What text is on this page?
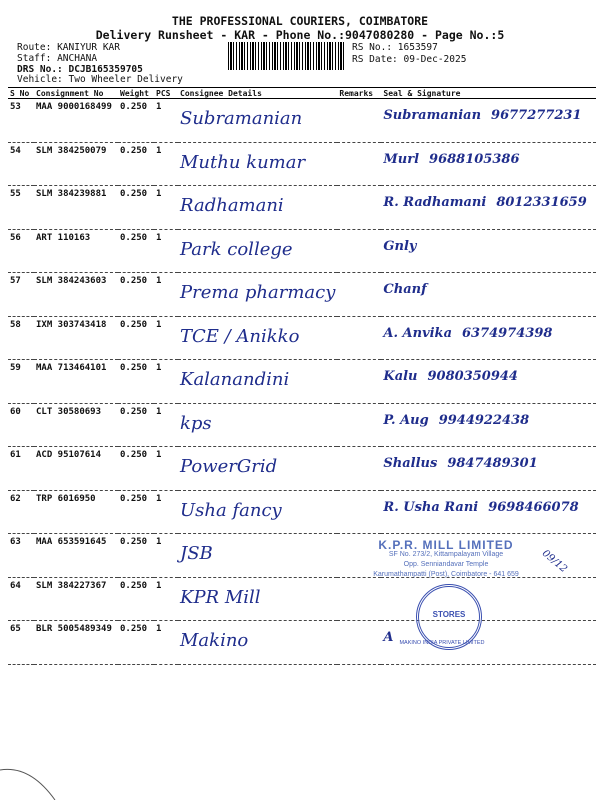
THE PROFESSIONAL COURIERS, COIMBATORE
Delivery Runsheet - KAR - Phone No.:9047080280 - Page No.:5
Route: KANIYUR KAR
Staff: ANCHANA
DRS No.: DCJB165359705
Vehicle: Two Wheeler Delivery
RS No.: 1653597
RS Date: 09-Dec-2025
S No	Consignment No	Weight	PCS	Consignee Details	Remarks	Seal & Signature
53	MAA 9000168499	0.250	1	Subramanian		Subramanian 9677277231
54	SLM 384250079	0.250	1	Muthu kumar		Murl 9688105386
55	SLM 384239881	0.250	1	Radhamani		R. Radhamani 8012331659
56	ART 110163	0.250	1	Park college		Gnly
57	SLM 384243603	0.250	1	Prema pharmacy		Chanf
58	IXM 303743418	0.250	1	TCE / Anikko		A. Anvika 6374974398
59	MAA 713464101	0.250	1	Kalanandini		Kalu 9080350944
60	CLT 30580693	0.250	1	kps		P. Aug 9944922438
61	ACD 95107614	0.250	1	PowerGrid		Shallus 9847489301
62	TRP 6016950	0.250	1	Usha fancy		R. Usha Rani 9698466078
63	MAA 653591645	0.250	1	JSB		
64	SLM 384227367	0.250	1	KPR Mill		
65	BLR 5005489349	0.250	1	Makino		A
K.P.R. MILL LIMITED
SF No. 273/2, Kittampalayam Village
Opp. Senniandavar Temple
Karumathampatti (Post), Coimbatore - 641 659	09/12
STORES
MAKINO INDIA PRIVATE LIMITED
